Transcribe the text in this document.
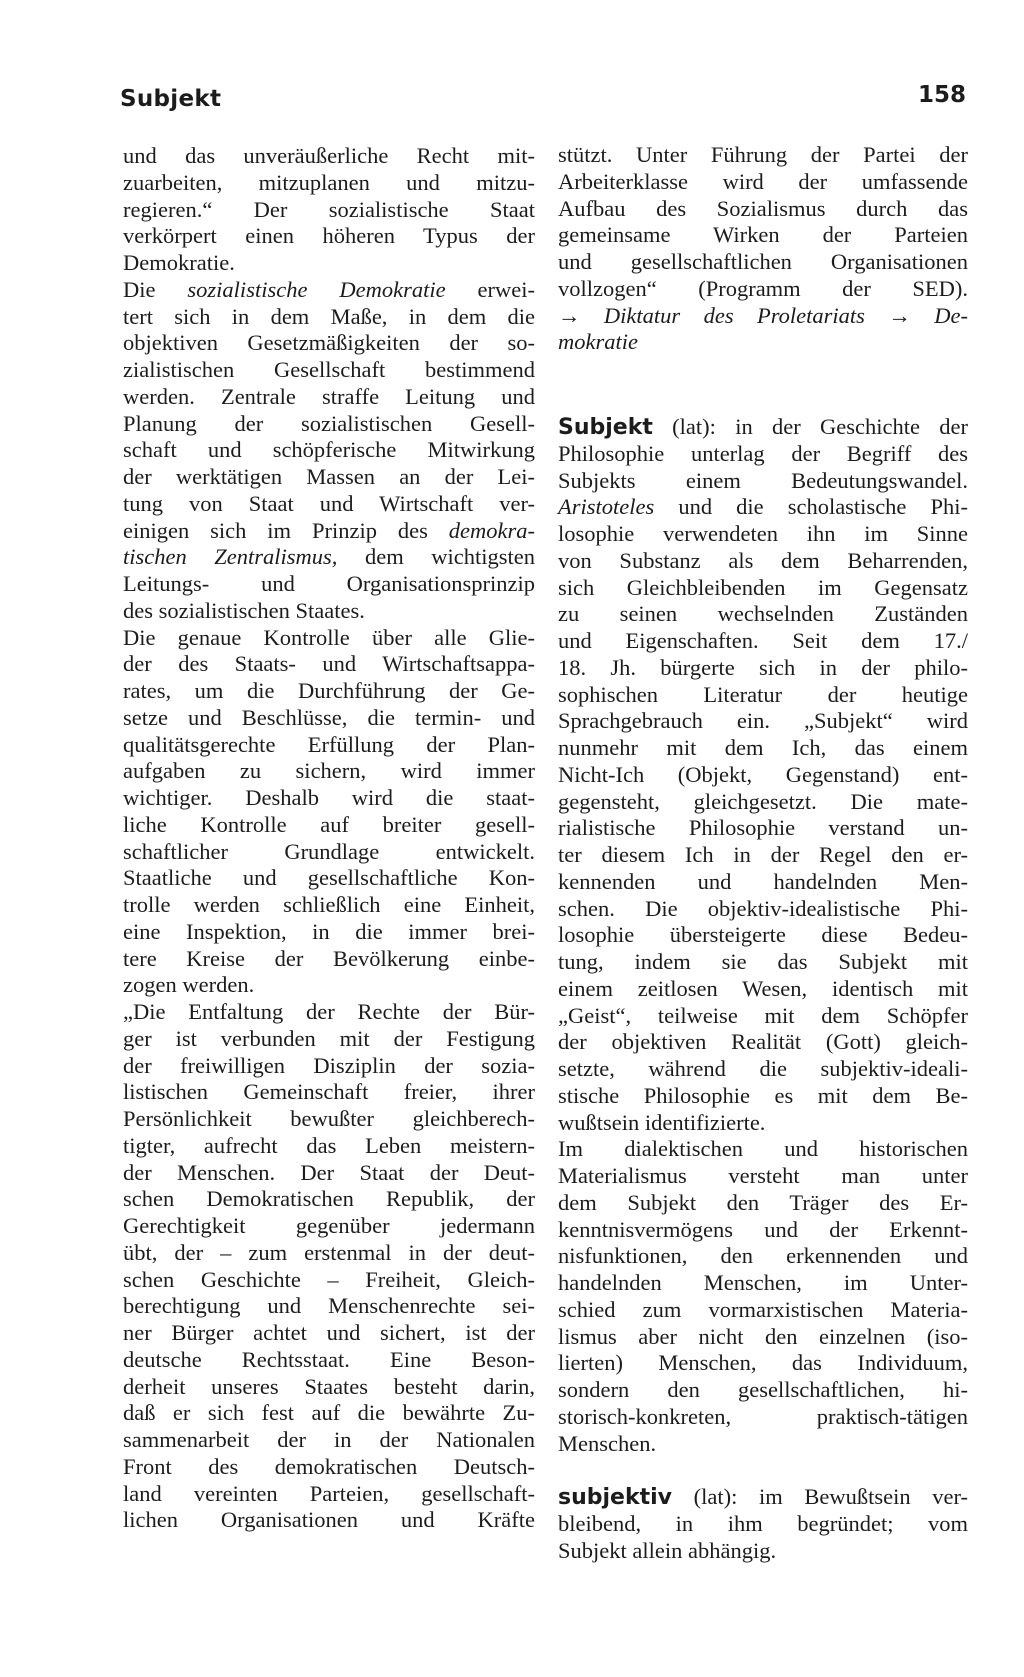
Subjekt	158
und das unveräußerliche Recht mit-
zuarbeiten, mitzuplanen und mitzu-
regieren.“ Der sozialistische Staat
verkörpert einen höheren Typus der
Demokratie.
Die sozialistische Demokratie erwei-
tert sich in dem Maße, in dem die
objektiven Gesetzmäßigkeiten der so-
zialistischen Gesellschaft bestimmend
werden. Zentrale straffe Leitung und
Planung der sozialistischen Gesell-
schaft und schöpferische Mitwirkung
der werktätigen Massen an der Lei-
tung von Staat und Wirtschaft ver-
einigen sich im Prinzip des demokra-
tischen Zentralismus, dem wichtigsten
Leitungs- und Organisationsprinzip
des sozialistischen Staates.
Die genaue Kontrolle über alle Glie-
der des Staats- und Wirtschaftsappa-
rates, um die Durchführung der Ge-
setze und Beschlüsse, die termin- und
qualitätsgerechte Erfüllung der Plan-
aufgaben zu sichern, wird immer
wichtiger. Deshalb wird die staat-
liche Kontrolle auf breiter gesell-
schaftlicher Grundlage entwickelt.
Staatliche und gesellschaftliche Kon-
trolle werden schließlich eine Einheit,
eine Inspektion, in die immer brei-
tere Kreise der Bevölkerung einbe-
zogen werden.
„Die Entfaltung der Rechte der Bür-
ger ist verbunden mit der Festigung
der freiwilligen Disziplin der sozia-
listischen Gemeinschaft freier, ihrer
Persönlichkeit bewußter gleichberech-
tigter, aufrecht das Leben meistern-
der Menschen. Der Staat der Deut-
schen Demokratischen Republik, der
Gerechtigkeit gegenüber jedermann
übt, der – zum erstenmal in der deut-
schen Geschichte – Freiheit, Gleich-
berechtigung und Menschenrechte sei-
ner Bürger achtet und sichert, ist der
deutsche Rechtsstaat. Eine Beson-
derheit unseres Staates besteht darin,
daß er sich fest auf die bewährte Zu-
sammenarbeit der in der Nationalen
Front des demokratischen Deutsch-
land vereinten Parteien, gesellschaft-
lichen Organisationen und Kräfte
stützt. Unter Führung der Partei der
Arbeiterklasse wird der umfassende
Aufbau des Sozialismus durch das
gemeinsame Wirken der Parteien
und gesellschaftlichen Organisationen
vollzogen“ (Programm der SED).
→ Diktatur des Proletariats → De-
mokratie
Subjekt (lat): in der Geschichte der
Philosophie unterlag der Begriff des
Subjekts einem Bedeutungswandel.
Aristoteles und die scholastische Phi-
losophie verwendeten ihn im Sinne
von Substanz als dem Beharrenden,
sich Gleichbleibenden im Gegensatz
zu seinen wechselnden Zuständen
und Eigenschaften. Seit dem 17./
18. Jh. bürgerte sich in der philo-
sophischen Literatur der heutige
Sprachgebrauch ein. „Subjekt“ wird
nunmehr mit dem Ich, das einem
Nicht-Ich (Objekt, Gegenstand) ent-
gegensteht, gleichgesetzt. Die mate-
rialistische Philosophie verstand un-
ter diesem Ich in der Regel den er-
kennenden und handelnden Men-
schen. Die objektiv-idealistische Phi-
losophie übersteigerte diese Bedeu-
tung, indem sie das Subjekt mit
einem zeitlosen Wesen, identisch mit
„Geist“, teilweise mit dem Schöpfer
der objektiven Realität (Gott) gleich-
setzte, während die subjektiv-ideali-
stische Philosophie es mit dem Be-
wußtsein identifizierte.
Im dialektischen und historischen
Materialismus versteht man unter
dem Subjekt den Träger des Er-
kenntnisvermögens und der Erkennt-
nisfunktionen, den erkennenden und
handelnden Menschen, im Unter-
schied zum vormarxistischen Materia-
lismus aber nicht den einzelnen (iso-
lierten) Menschen, das Individuum,
sondern den gesellschaftlichen, hi-
storisch-konkreten, praktisch-tätigen
Menschen.
subjektiv (lat): im Bewußtsein ver-
bleibend, in ihm begründet; vom
Subjekt allein abhängig.
